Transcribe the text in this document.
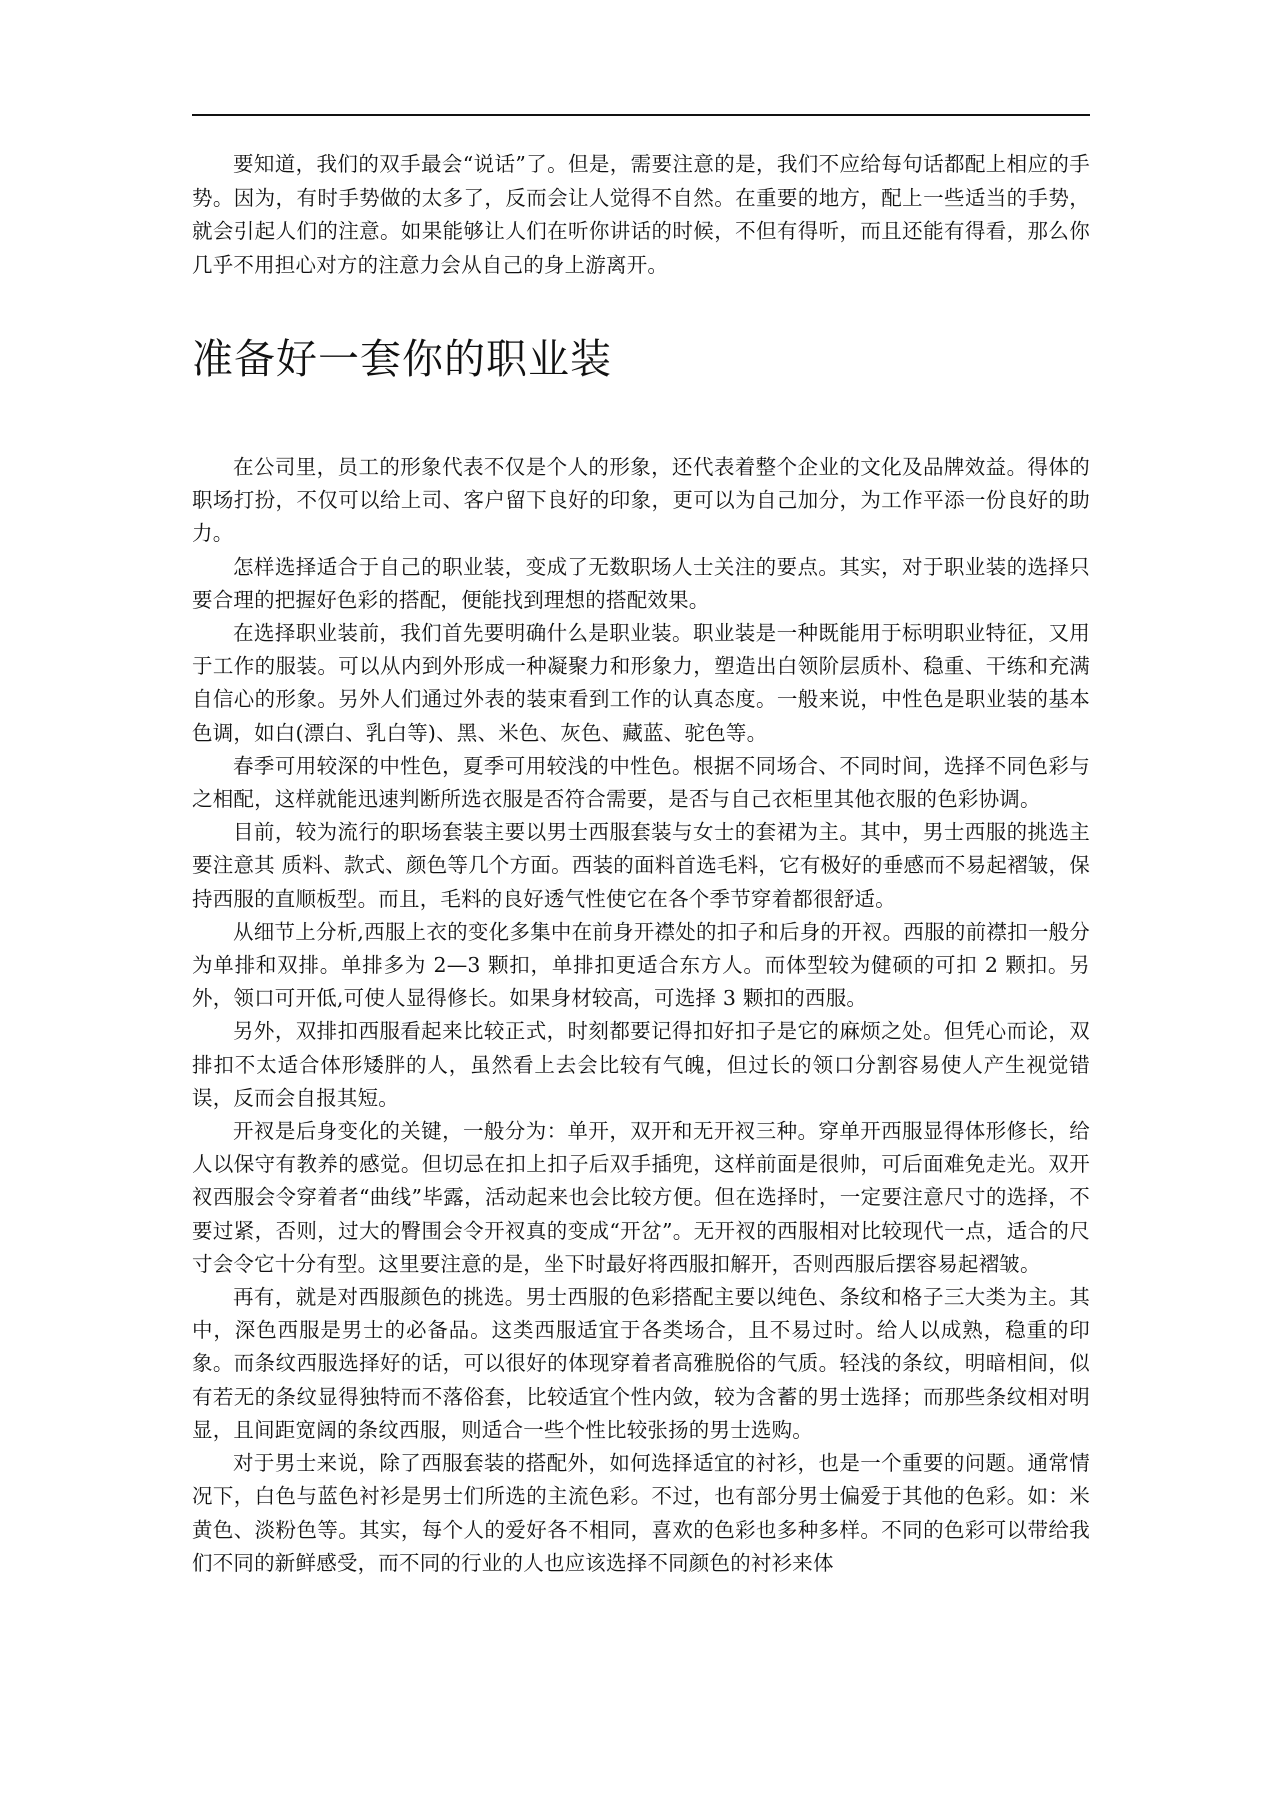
要知道，我们的双手最会“说话”了。但是，需要注意的是，我们不应给每句话都配上相应的手势。因为，有时手势做的太多了，反而会让人觉得不自然。在重要的地方，配上一些适当的手势，就会引起人们的注意。如果能够让人们在听你讲话的时候，不但有得听，而且还能有得看，那么你几乎不用担心对方的注意力会从自己的身上游离开。

准备好一套你的职业装

在公司里，员工的形象代表不仅是个人的形象，还代表着整个企业的文化及品牌效益。得体的职场打扮，不仅可以给上司、客户留下良好的印象，更可以为自己加分，为工作平添一份良好的助力。

怎样选择适合于自己的职业装，变成了无数职场人士关注的要点。其实，对于职业装的选择只要合理的把握好色彩的搭配，便能找到理想的搭配效果。

在选择职业装前，我们首先要明确什么是职业装。职业装是一种既能用于标明职业特征，又用于工作的服装。可以从内到外形成一种凝聚力和形象力，塑造出白领阶层质朴、稳重、干练和充满自信心的形象。另外人们通过外表的装束看到工作的认真态度。一般来说，中性色是职业装的基本色调，如白(漂白、乳白等)、黑、米色、灰色、藏蓝、驼色等。

春季可用较深的中性色，夏季可用较浅的中性色。根据不同场合、不同时间，选择不同色彩与之相配，这样就能迅速判断所选衣服是否符合需要，是否与自己衣柜里其他衣服的色彩协调。

目前，较为流行的职场套装主要以男士西服套装与女士的套裙为主。其中，男士西服的挑选主要注意其 质料、款式、颜色等几个方面。西装的面料首选毛料，它有极好的垂感而不易起褶皱，保持西服的直顺板型。而且，毛料的良好透气性使它在各个季节穿着都很舒适。

从细节上分析,西服上衣的变化多集中在前身开襟处的扣子和后身的开衩。西服的前襟扣一般分为单排和双排。单排多为 2—3 颗扣，单排扣更适合东方人。而体型较为健硕的可扣 2 颗扣。另外，领口可开低,可使人显得修长。如果身材较高，可选择 3 颗扣的西服。

另外，双排扣西服看起来比较正式，时刻都要记得扣好扣子是它的麻烦之处。但凭心而论，双排扣不太适合体形矮胖的人，虽然看上去会比较有气魄，但过长的领口分割容易使人产生视觉错误，反而会自报其短。

开衩是后身变化的关键，一般分为：单开，双开和无开衩三种。穿单开西服显得体形修长，给人以保守有教养的感觉。但切忌在扣上扣子后双手插兜，这样前面是很帅，可后面难免走光。双开衩西服会令穿着者“曲线”毕露，活动起来也会比较方便。但在选择时，一定要注意尺寸的选择，不要过紧，否则，过大的臀围会令开衩真的变成“开岔”。无开衩的西服相对比较现代一点，适合的尺寸会令它十分有型。这里要注意的是，坐下时最好将西服扣解开，否则西服后摆容易起褶皱。

再有，就是对西服颜色的挑选。男士西服的色彩搭配主要以纯色、条纹和格子三大类为主。其中，深色西服是男士的必备品。这类西服适宜于各类场合，且不易过时。给人以成熟，稳重的印象。而条纹西服选择好的话，可以很好的体现穿着者高雅脱俗的气质。轻浅的条纹，明暗相间，似有若无的条纹显得独特而不落俗套，比较适宜个性内敛，较为含蓄的男士选择；而那些条纹相对明显，且间距宽阔的条纹西服，则适合一些个性比较张扬的男士选购。

对于男士来说，除了西服套装的搭配外，如何选择适宜的衬衫，也是一个重要的问题。通常情况下，白色与蓝色衬衫是男士们所选的主流色彩。不过，也有部分男士偏爱于其他的色彩。如：米黄色、淡粉色等。其实，每个人的爱好各不相同，喜欢的色彩也多种多样。不同的色彩可以带给我们不同的新鲜感受，而不同的行业的人也应该选择不同颜色的衬衫来体
